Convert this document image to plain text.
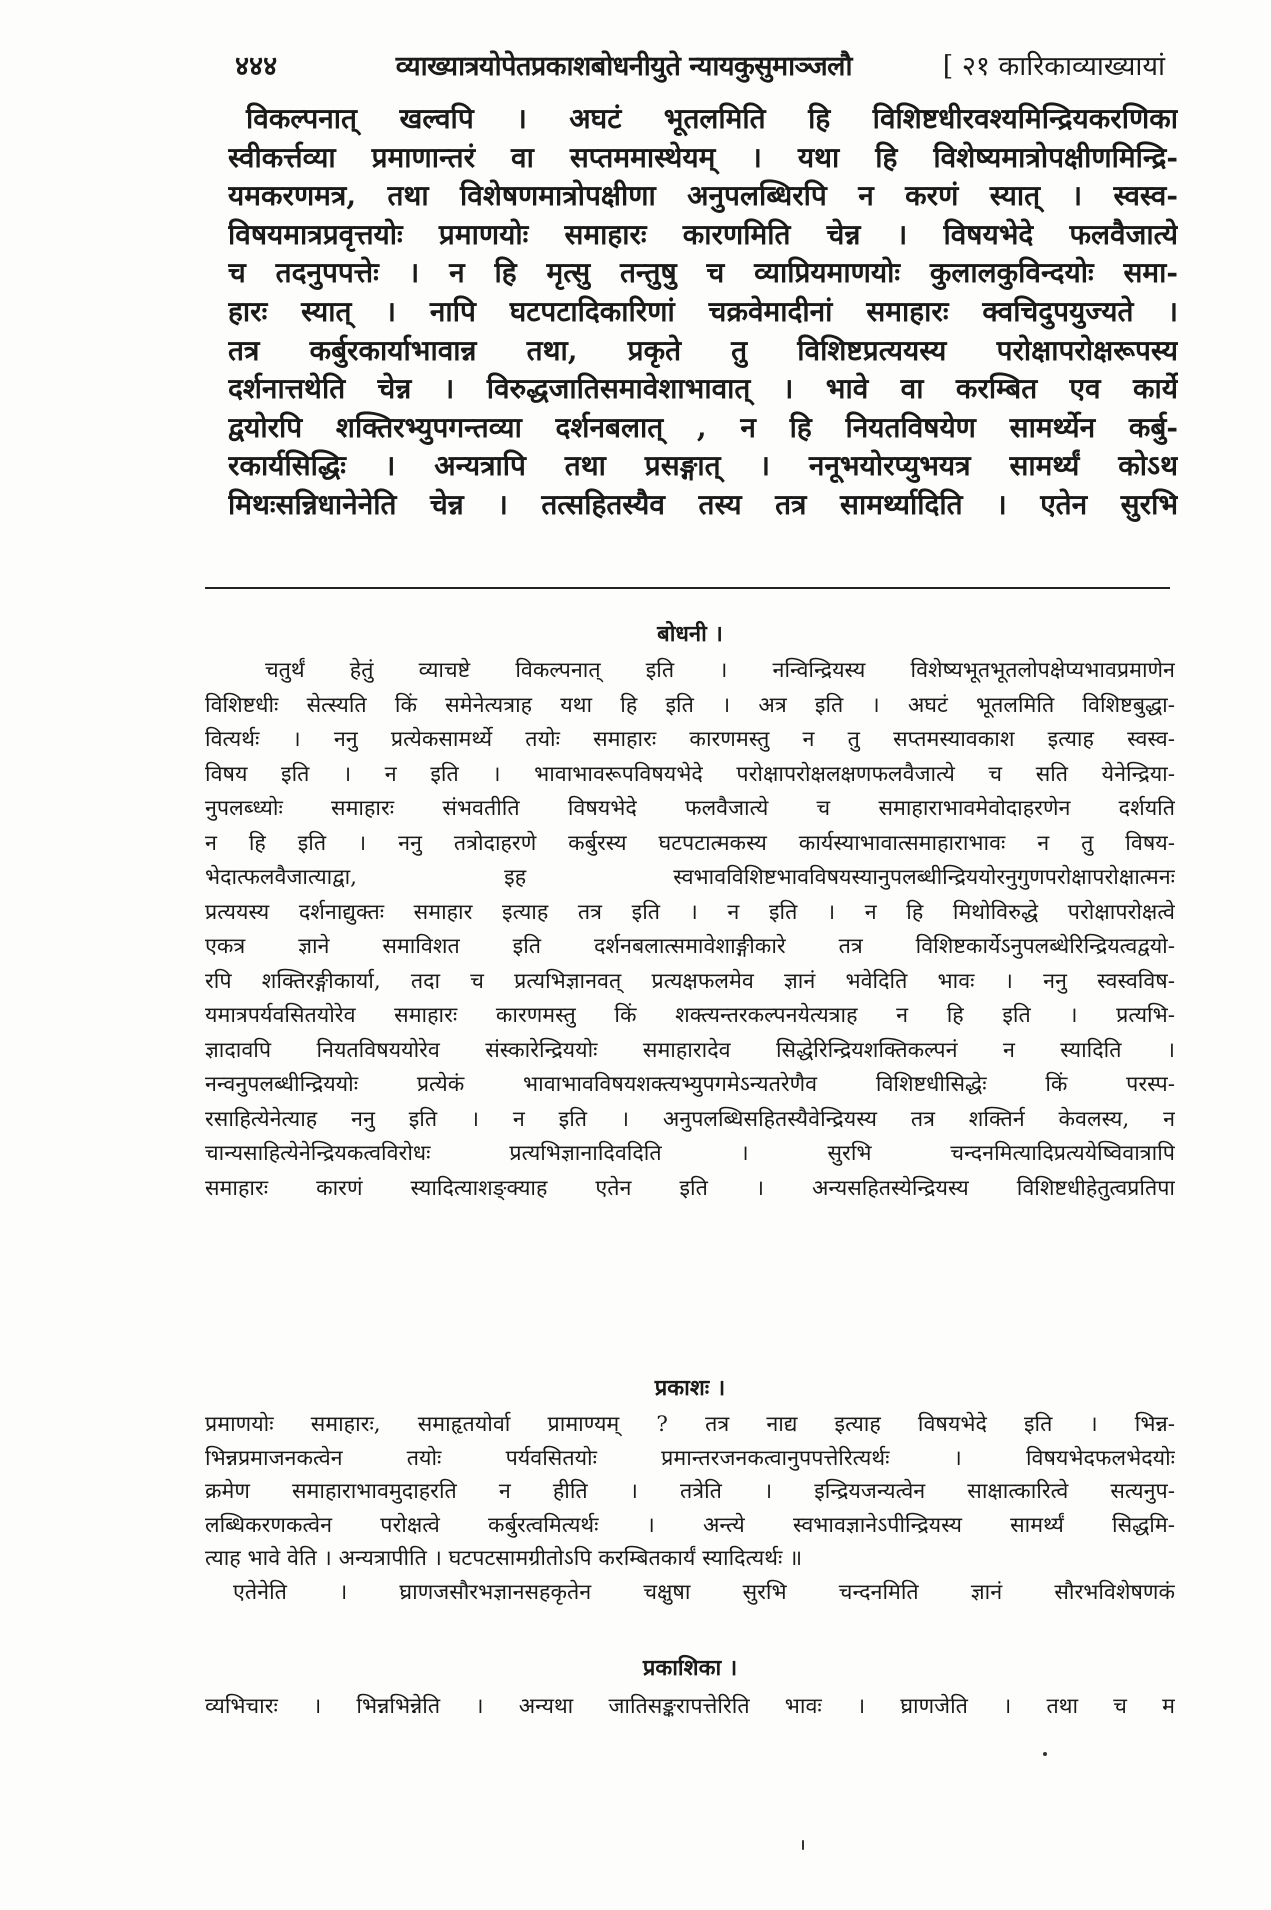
४४४	व्याख्यात्रयोपेतप्रकाशबोधनीयुते न्यायकुसुमाञ्जलौ	[ २१ कारिकाव्याख्यायां
विकल्पनात् खल्वपि । अघटं भूतलमिति हि विशिष्टधीरवश्यमिन्द्रियकरणिका
स्वीकर्त्तव्या प्रमाणान्तरं वा सप्तममास्थेयम् । यथा हि विशेष्यमात्रोपक्षीणमिन्द्रि-
यमकरणमत्र, तथा विशेषणमात्रोपक्षीणा अनुपलब्धिरपि न करणं स्यात् । स्वस्व-
विषयमात्रप्रवृत्तयोः प्रमाणयोः समाहारः कारणमिति चेन्न । विषयभेदे फलवैजात्ये
च तदनुपपत्तेः । न हि मृत्सु तन्तुषु च व्याप्रियमाणयोः कुलालकुविन्दयोः समा-
हारः स्यात् । नापि घटपटादिकारिणां चक्रवेमादीनां समाहारः क्वचिदुपयुज्यते ।
तत्र कर्बुरकार्याभावान्न तथा, प्रकृते तु विशिष्टप्रत्ययस्य परोक्षापरोक्षरूपस्य
दर्शनात्तथेति चेन्न । विरुद्धजातिसमावेशाभावात् । भावे वा करम्बित एव कार्ये
द्वयोरपि शक्तिरभ्युपगन्तव्या दर्शनबलात् , न हि नियतविषयेण सामर्थ्येन कर्बु-
रकार्यसिद्धिः । अन्यत्रापि तथा प्रसङ्गात् । ननूभयोरप्युभयत्र सामर्थ्यं कोऽथ
मिथःसन्निधानेनेति चेन्न । तत्सहितस्यैव तस्य तत्र सामर्थ्यादिति । एतेन सुरभि
बोधनी ।
चतुर्थं हेतुं व्याचष्टे विकल्पनात् इति । नन्विन्द्रियस्य विशेष्यभूतभूतलोपक्षेप्यभावप्रमाणेन
विशिष्टधीः सेत्स्यति किं समेनेत्यत्राह यथा हि इति । अत्र इति । अघटं भूतलमिति विशिष्टबुद्धा-
वित्यर्थः । ननु प्रत्येकसामर्थ्ये तयोः समाहारः कारणमस्तु न तु सप्तमस्यावकाश इत्याह स्वस्व-
विषय इति । न इति । भावाभावरूपविषयभेदे परोक्षापरोक्षलक्षणफलवैजात्ये च सति येनेन्द्रिया-
नुपलब्ध्योः समाहारः संभवतीति विषयभेदे फलवैजात्ये च समाहाराभावमेवोदाहरणेन दर्शयति
न हि इति । ननु तत्रोदाहरणे कर्बुरस्य घटपटात्मकस्य कार्यस्याभावात्समाहाराभावः न तु विषय-
भेदात्फलवैजात्याद्वा, इह स्वभावविशिष्टभावविषयस्यानुपलब्धीन्द्रिययोरनुगुणपरोक्षापरोक्षात्मनः
प्रत्ययस्य दर्शनाद्युक्तः समाहार इत्याह तत्र इति । न इति । न हि मिथोविरुद्धे परोक्षापरोक्षत्वे
एकत्र ज्ञाने समाविशत इति दर्शनबलात्समावेशाङ्गीकारे तत्र विशिष्टकार्येऽनुपलब्धेरिन्द्रियत्वद्वयो-
रपि शक्तिरङ्गीकार्या, तदा च प्रत्यभिज्ञानवत् प्रत्यक्षफलमेव ज्ञानं भवेदिति भावः । ननु स्वस्वविष-
यमात्रपर्यवसितयोरेव समाहारः कारणमस्तु किं शक्त्यन्तरकल्पनयेत्यत्राह न हि इति । प्रत्यभि-
ज्ञादावपि नियतविषययोरेव संस्कारेन्द्रिययोः समाहारादेव सिद्धेरिन्द्रियशक्तिकल्पनं न स्यादिति ।
नन्वनुपलब्धीन्द्रिययोः प्रत्येकं भावाभावविषयशक्त्यभ्युपगमेऽन्यतरेणैव विशिष्टधीसिद्धेः किं परस्प-
रसाहित्येनेत्याह ननु इति । न इति । अनुपलब्धिसहितस्यैवेन्द्रियस्य तत्र शक्तिर्न केवलस्य, न
चान्यसाहित्येनेन्द्रियकत्वविरोधः प्रत्यभिज्ञानादिवदिति । सुरभि चन्दनमित्यादिप्रत्ययेष्विवात्रापि
समाहारः कारणं स्यादित्याशङ्क्याह एतेन इति । अन्यसहितस्येन्द्रियस्य विशिष्टधीहेतुत्वप्रतिपा
प्रकाशः ।
प्रमाणयोः समाहारः, समाहृतयोर्वा प्रामाण्यम् ? तत्र नाद्य इत्याह विषयभेदे इति । भिन्न-
भिन्नप्रमाजनकत्वेन तयोः पर्यवसितयोः प्रमान्तरजनकत्वानुपपत्तेरित्यर्थः । विषयभेदफलभेदयोः
क्रमेण समाहाराभावमुदाहरति न हीति । तत्रेति । इन्द्रियजन्यत्वेन साक्षात्कारित्वे सत्यनुप-
लब्धिकरणकत्वेन परोक्षत्वे कर्बुरत्वमित्यर्थः । अन्त्ये स्वभावज्ञानेऽपीन्द्रियस्य सामर्थ्यं सिद्धमि-
त्याह भावे वेति । अन्यत्रापीति । घटपटसामग्रीतोऽपि करम्बितकार्यं स्यादित्यर्थः ॥
एतेनेति । घ्राणजसौरभज्ञानसहकृतेन चक्षुषा सुरभि चन्दनमिति ज्ञानं सौरभविशेषणकं
प्रकाशिका ।
व्यभिचारः । भिन्नभिन्नेति । अन्यथा जातिसङ्करापत्तेरिति भावः । घ्राणजेति । तथा च म
